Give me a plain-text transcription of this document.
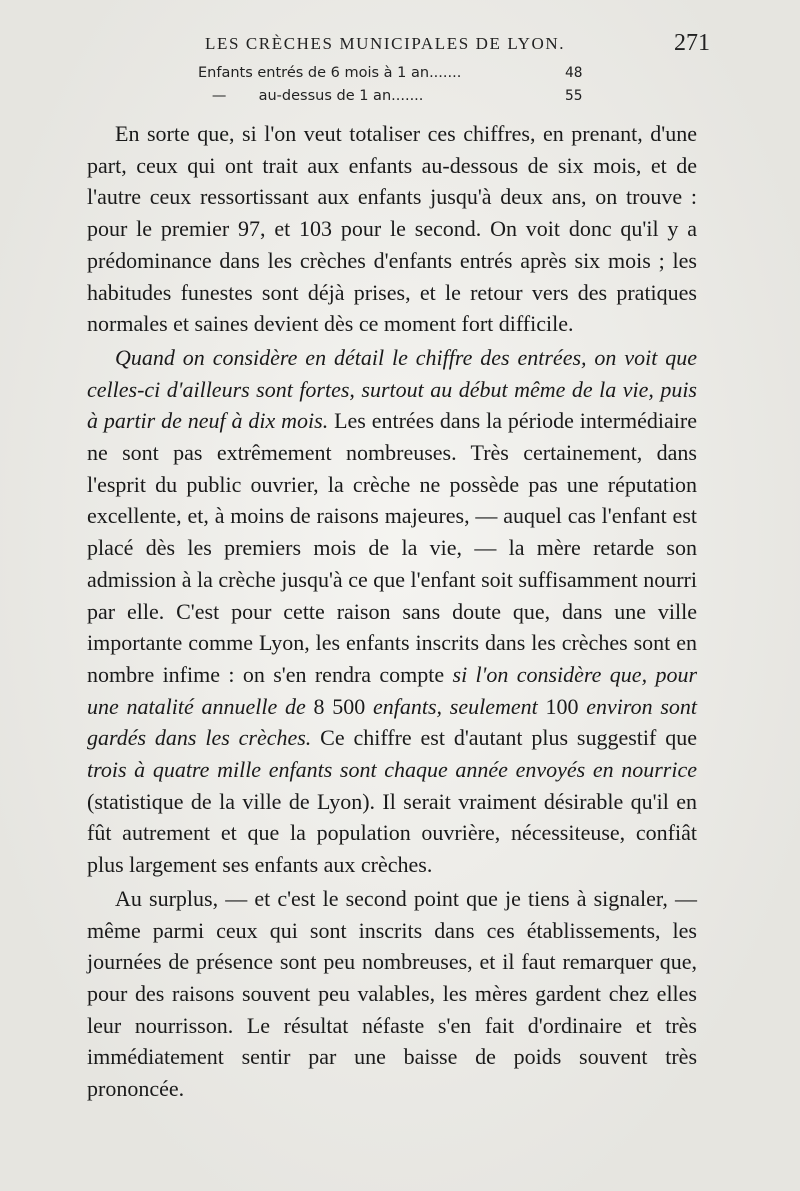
LES CRÈCHES MUNICIPALES DE LYON.	271
Enfants entrés de 6 mois à 1 an.......	48
—       au-dessus de 1 an.......	55

En sorte que, si l'on veut totaliser ces chiffres, en prenant, d'une part, ceux qui ont trait aux enfants au-dessous de six mois, et de l'autre ceux ressortissant aux enfants jusqu'à deux ans, on trouve : pour le premier 97, et 103 pour le second. On voit donc qu'il y a prédominance dans les crèches d'enfants entrés après six mois ; les habitudes funestes sont déjà prises, et le retour vers des pratiques normales et saines devient dès ce moment fort difficile.

Quand on considère en détail le chiffre des entrées, on voit que celles-ci d'ailleurs sont fortes, surtout au début même de la vie, puis à partir de neuf à dix mois. Les entrées dans la période intermédiaire ne sont pas extrêmement nombreuses. Très certainement, dans l'esprit du public ouvrier, la crèche ne possède pas une réputation excellente, et, à moins de raisons majeures, — auquel cas l'enfant est placé dès les premiers mois de la vie, — la mère retarde son admission à la crèche jusqu'à ce que l'enfant soit suffisamment nourri par elle. C'est pour cette raison sans doute que, dans une ville importante comme Lyon, les enfants inscrits dans les crèches sont en nombre infime : on s'en rendra compte si l'on considère que, pour une natalité annuelle de 8 500 enfants, seulement 100 environ sont gardés dans les crèches. Ce chiffre est d'autant plus suggestif que trois à quatre mille enfants sont chaque année envoyés en nourrice (statistique de la ville de Lyon). Il serait vraiment désirable qu'il en fût autrement et que la population ouvrière, nécessiteuse, confiât plus largement ses enfants aux crèches.

Au surplus, — et c'est le second point que je tiens à signaler, — même parmi ceux qui sont inscrits dans ces établissements, les journées de présence sont peu nombreuses, et il faut remarquer que, pour des raisons souvent peu valables, les mères gardent chez elles leur nourrisson. Le résultat néfaste s'en fait d'ordinaire et très immédiatement sentir par une baisse de poids souvent très prononcée.
